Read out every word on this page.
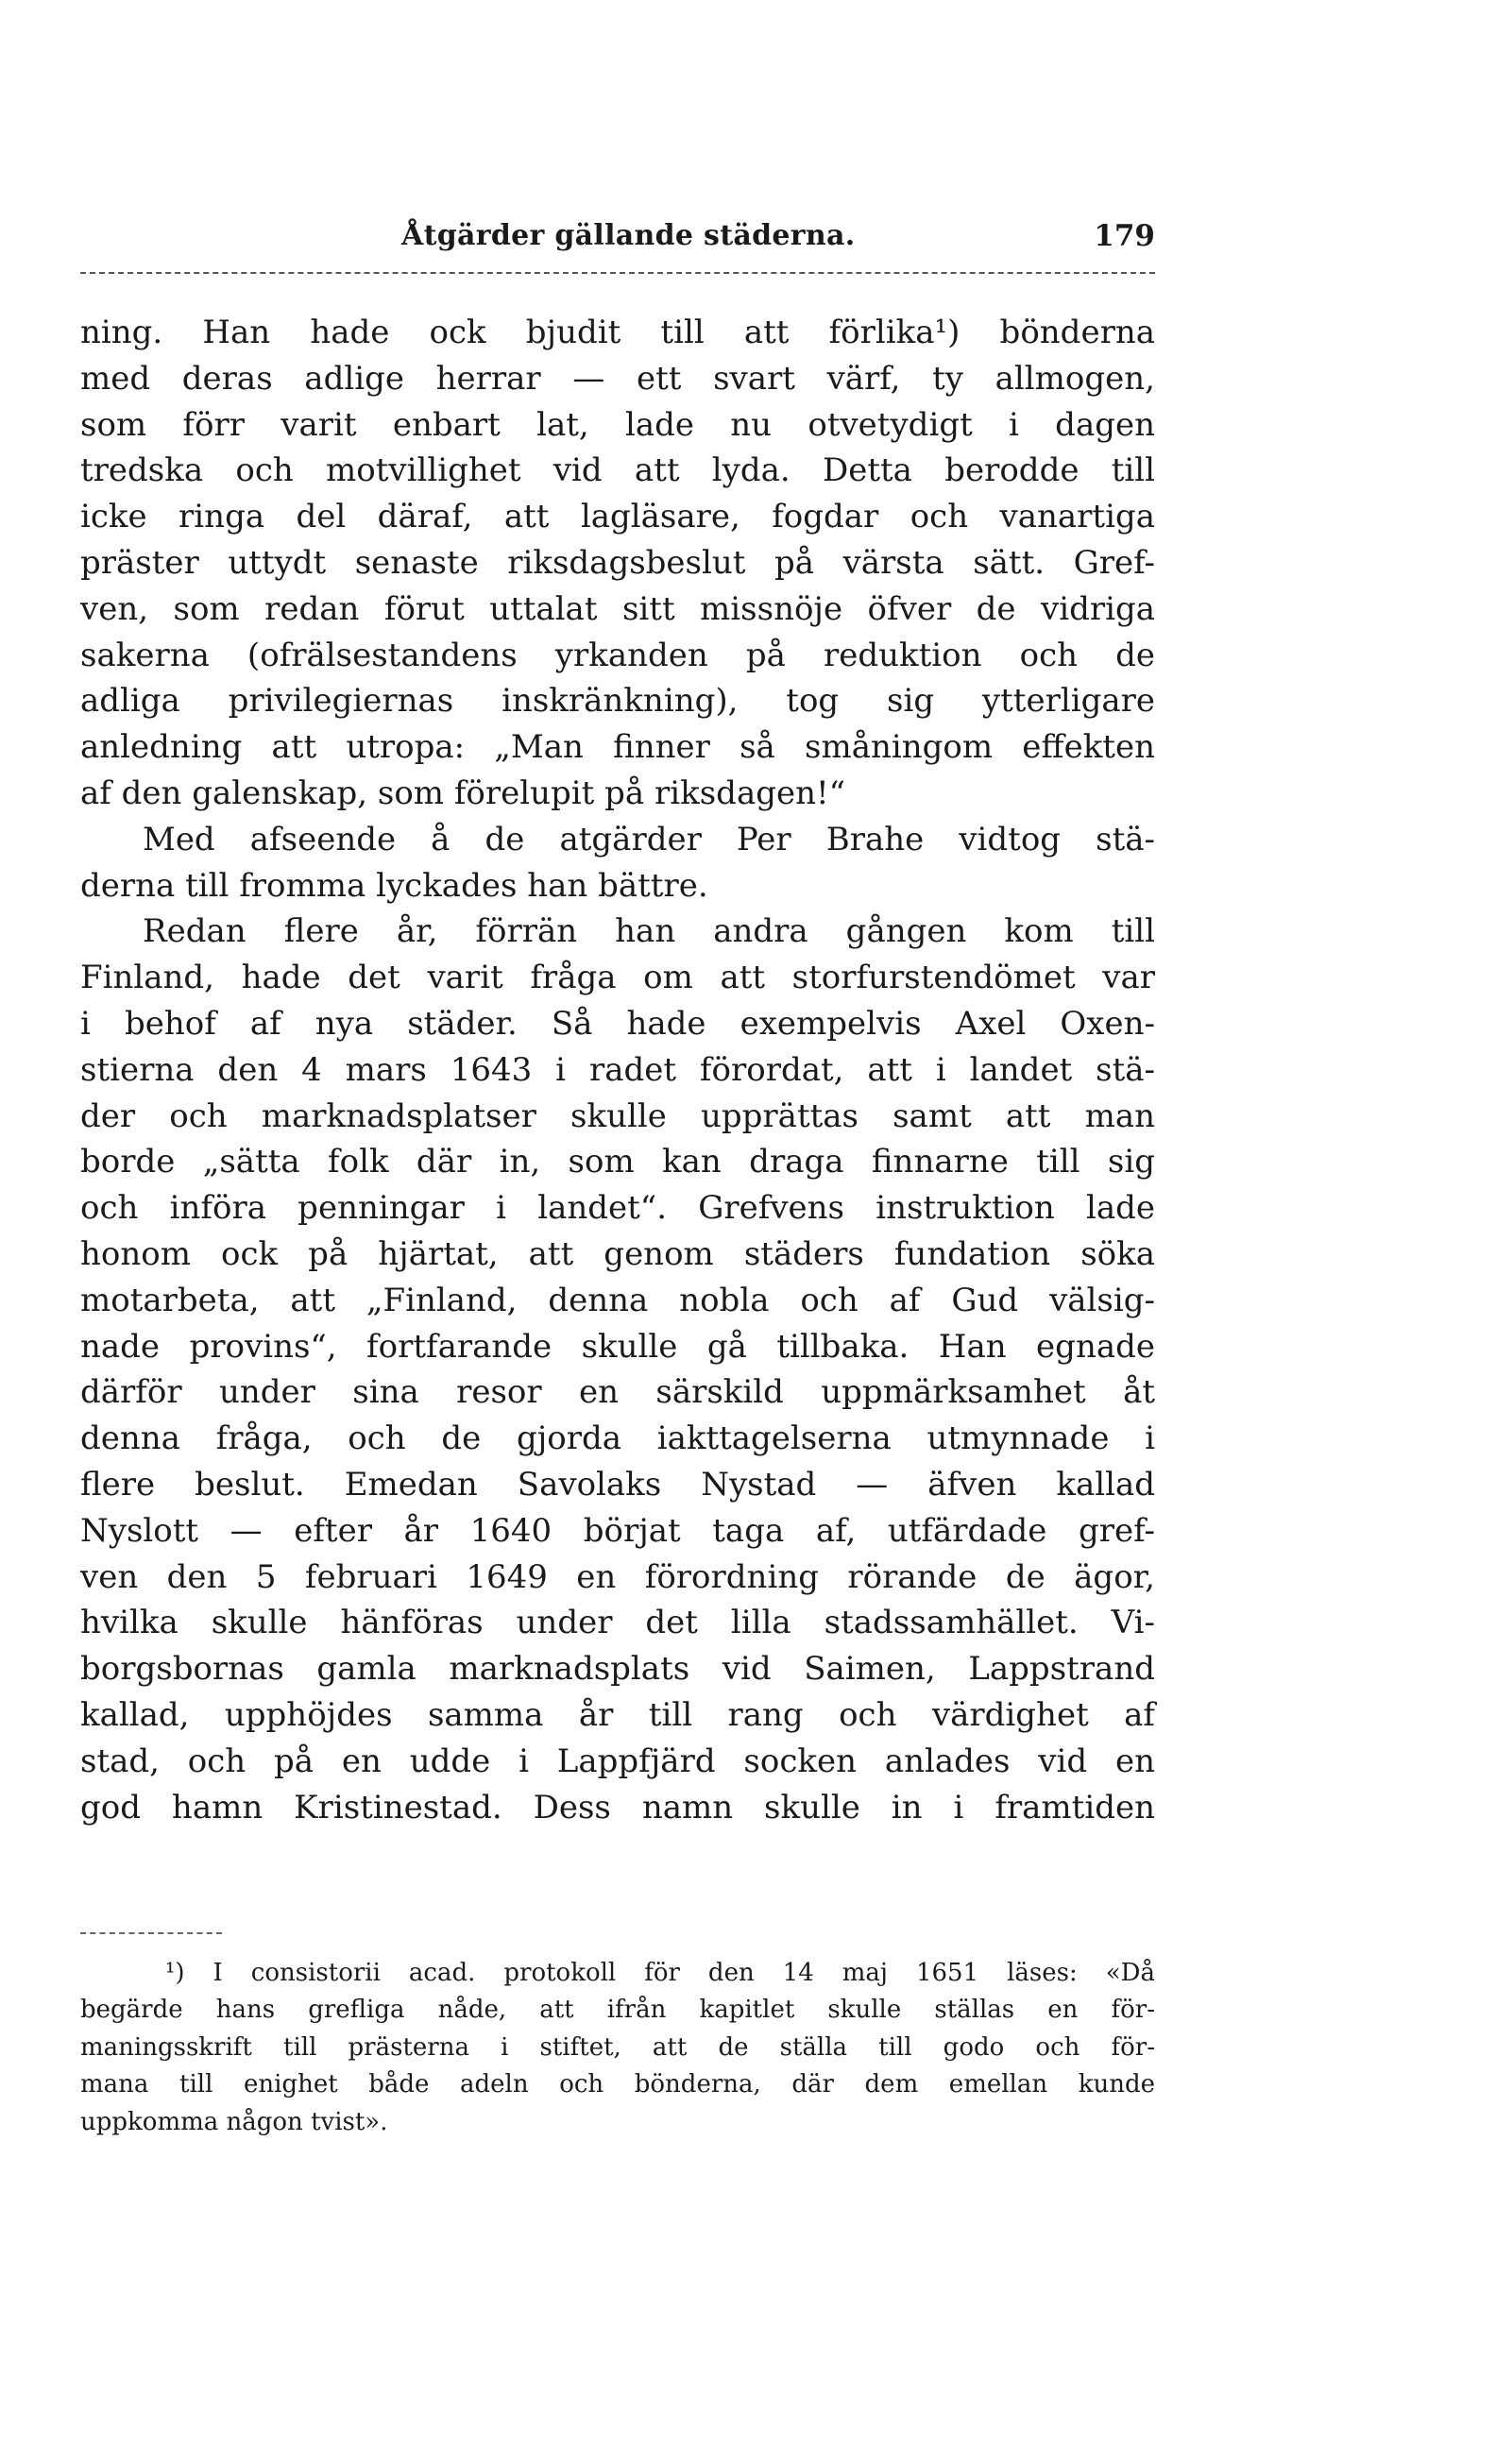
Åtgärder gällande städerna.	179
ning. Han hade ock bjudit till att förlika¹) bönderna
med deras adlige herrar — ett svart värf, ty allmogen,
som förr varit enbart lat, lade nu otvetydigt i dagen
tredska och motvillighet vid att lyda. Detta berodde till
icke ringa del däraf, att lagläsare, fogdar och vanartiga
präster uttydt senaste riksdagsbeslut på värsta sätt. Gref-
ven, som redan förut uttalat sitt missnöje öfver de vidriga
sakerna (ofrälsestandens yrkanden på reduktion och de
adliga privilegiernas inskränkning), tog sig ytterligare
anledning att utropa: „Man finner så småningom effekten
af den galenskap, som förelupit på riksdagen!“
Med afseende å de atgärder Per Brahe vidtog stä-
derna till fromma lyckades han bättre.
Redan flere år, förrän han andra gången kom till
Finland, hade det varit fråga om att storfurstendömet var
i behof af nya städer. Så hade exempelvis Axel Oxen-
stierna den 4 mars 1643 i radet förordat, att i landet stä-
der och marknadsplatser skulle upprättas samt att man
borde „sätta folk där in, som kan draga finnarne till sig
och införa penningar i landet“. Grefvens instruktion lade
honom ock på hjärtat, att genom städers fundation söka
motarbeta, att „Finland, denna nobla och af Gud välsig-
nade provins“, fortfarande skulle gå tillbaka. Han egnade
därför under sina resor en särskild uppmärksamhet åt
denna fråga, och de gjorda iakttagelserna utmynnade i
flere beslut. Emedan Savolaks Nystad — äfven kallad
Nyslott — efter år 1640 börjat taga af, utfärdade gref-
ven den 5 februari 1649 en förordning rörande de ägor,
hvilka skulle hänföras under det lilla stadssamhället. Vi-
borgsbornas gamla marknadsplats vid Saimen, Lappstrand
kallad, upphöjdes samma år till rang och värdighet af
stad, och på en udde i Lappfjärd socken anlades vid en
god hamn Kristinestad. Dess namn skulle in i framtiden
¹) I consistorii acad. protokoll för den 14 maj 1651 läses: «Då
begärde hans grefliga nåde, att ifrån kapitlet skulle ställas en för-
maningsskrift till prästerna i stiftet, att de ställa till godo och för-
mana till enighet både adeln och bönderna, där dem emellan kunde
uppkomma någon tvist».
